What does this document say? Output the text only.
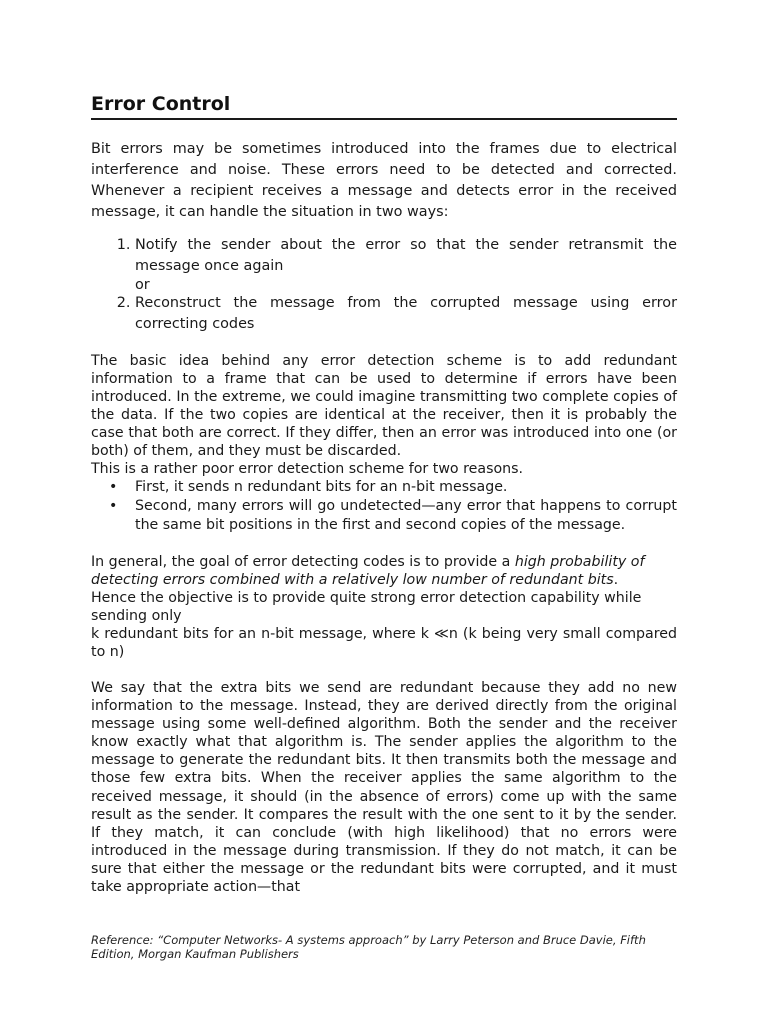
Error Control

Bit errors may be sometimes introduced into the frames due to electrical interference and noise. These errors need to be detected and corrected. Whenever a recipient receives a message and detects error in the received message, it can handle the situation in two ways:

1. Notify the sender about the error so that the sender retransmit the message once again
or
2. Reconstruct the message from the corrupted message using error correcting codes

The basic idea behind any error detection scheme is to add redundant information to a frame that can be used to determine if errors have been introduced. In the extreme, we could imagine transmitting two complete copies of the data. If the two copies are identical at the receiver, then it is probably the case that both are correct. If they differ, then an error was introduced into one (or both) of them, and they must be discarded.

This is a rather poor error detection scheme for two reasons.

• First, it sends n redundant bits for an n-bit message.
• Second, many errors will go undetected—any error that happens to corrupt the same bit positions in the first and second copies of the message.

In general, the goal of error detecting codes is to provide a high probability of detecting errors combined with a relatively low number of redundant bits.
Hence the objective is to provide quite strong error detection capability while sending only

k redundant bits for an n-bit message, where k ≪n (k being very small compared to n)

We say that the extra bits we send are redundant because they add no new information to the message. Instead, they are derived directly from the original message using some well-defined algorithm. Both the sender and the receiver know exactly what that algorithm is. The sender applies the algorithm to the message to generate the redundant bits. It then transmits both the message and those few extra bits. When the receiver applies the same algorithm to the received message, it should (in the absence of errors) come up with the same result as the sender. It compares the result with the one sent to it by the sender. If they match, it can conclude (with high likelihood) that no errors were introduced in the message during transmission. If they do not match, it can be sure that either the message or the redundant bits were corrupted, and it must take appropriate action—that

Reference: “Computer Networks- A systems approach” by Larry Peterson and Bruce Davie, Fifth Edition, Morgan Kaufman Publishers
